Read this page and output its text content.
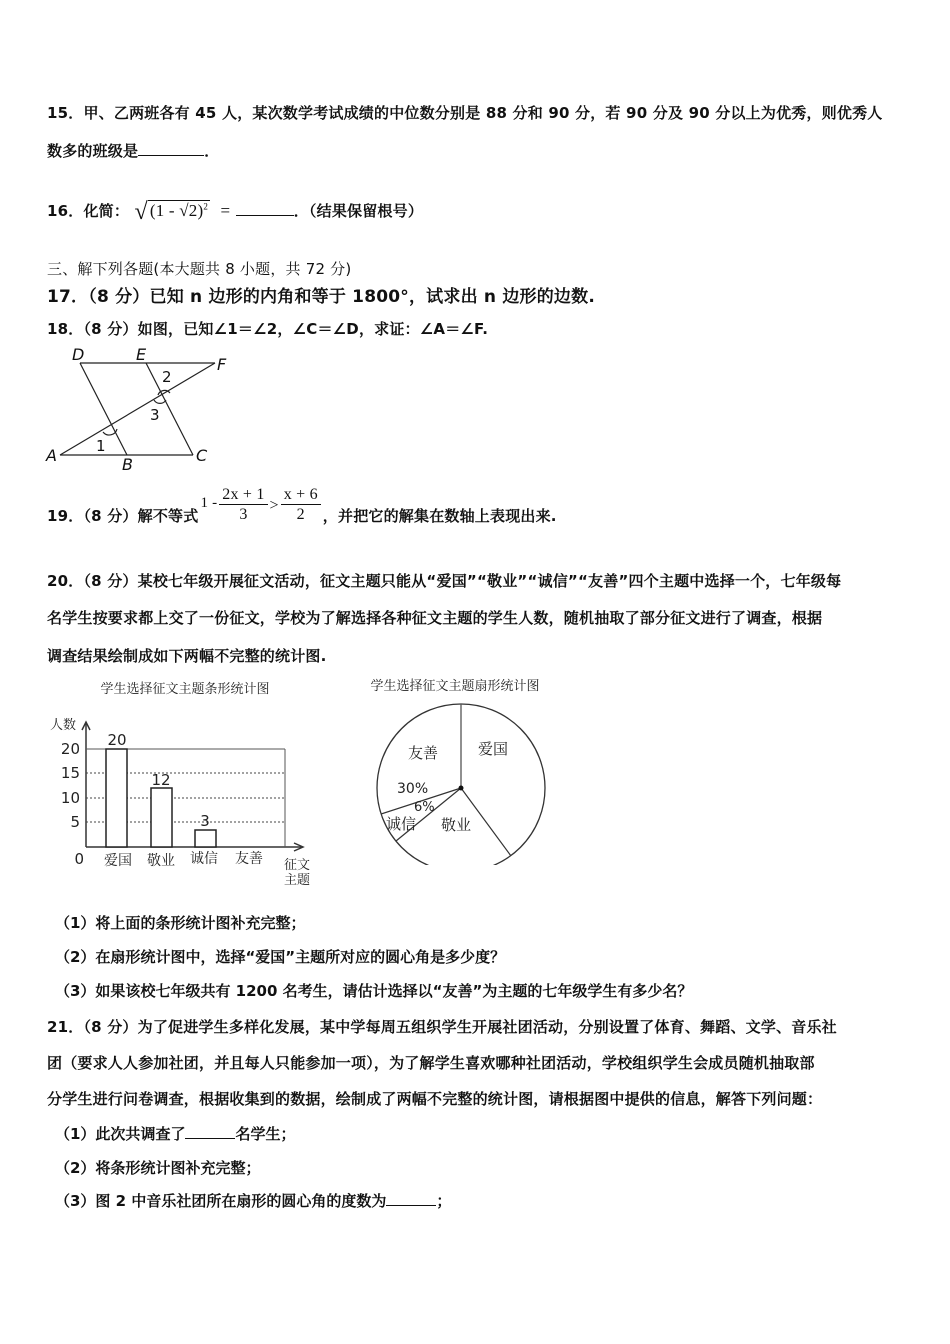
15．甲、乙两班各有 45 人，某次数学考试成绩的中位数分别是 88 分和 90 分，若 90 分及 90 分以上为优秀，则优秀人
数多的班级是	．
16．化简： √ (1 - √2)$^2$ =	．（结果保留根号）
三、解下列各题(本大题共 8 小题，共 72 分)
17．（8 分）已知 n 边形的内角和等于 1800°，试求出 n 边形的边数.
18．（8 分）如图，已知∠1＝∠2，∠C＝∠D，求证：∠A＝∠F.
D	E
F
A	B	C
1
2
3
19．（8 分）解不等式
$1 - \frac{2x + 1}{3} > \frac{x + 6}{2}$ ，并把它的解集在数轴上表现出来.
20．（8 分）某校七年级开展征文活动，征文主题只能从“爱国”“敬业”“诚信”“友善”四个主题中选择一个，七年级每
名学生按要求都上交了一份征文，学校为了解选择各种征文主题的学生人数，随机抽取了部分征文进行了调查，根据
调查结果绘制成如下两幅不完整的统计图.
学生选择征文主题条形统计图
人数
20
15
10
5
0
20
12
3
爱国 敬业 诚信 友善 征文
主题
学生选择征文主题扇形统计图
爱国
敬业
诚信
友善
30%
6%
（1）将上面的条形统计图补充完整；
（2）在扇形统计图中，选择“爱国”主题所对应的圆心角是多少度？
（3）如果该校七年级共有 1200 名考生，请估计选择以“友善”为主题的七年级学生有多少名？
21．（8 分）为了促进学生多样化发展，某中学每周五组织学生开展社团活动，分别设置了体育、舞蹈、文学、音乐社
团（要求人人参加社团，并且每人只能参加一项），为了解学生喜欢哪种社团活动，学校组织学生会成员随机抽取部
分学生进行问卷调查，根据收集到的数据，绘制成了两幅不完整的统计图，请根据图中提供的信息，解答下列问题：
（1）此次共调查了	名学生；
（2）将条形统计图补充完整；
（3）图 2 中音乐社团所在扇形的圆心角的度数为	；
